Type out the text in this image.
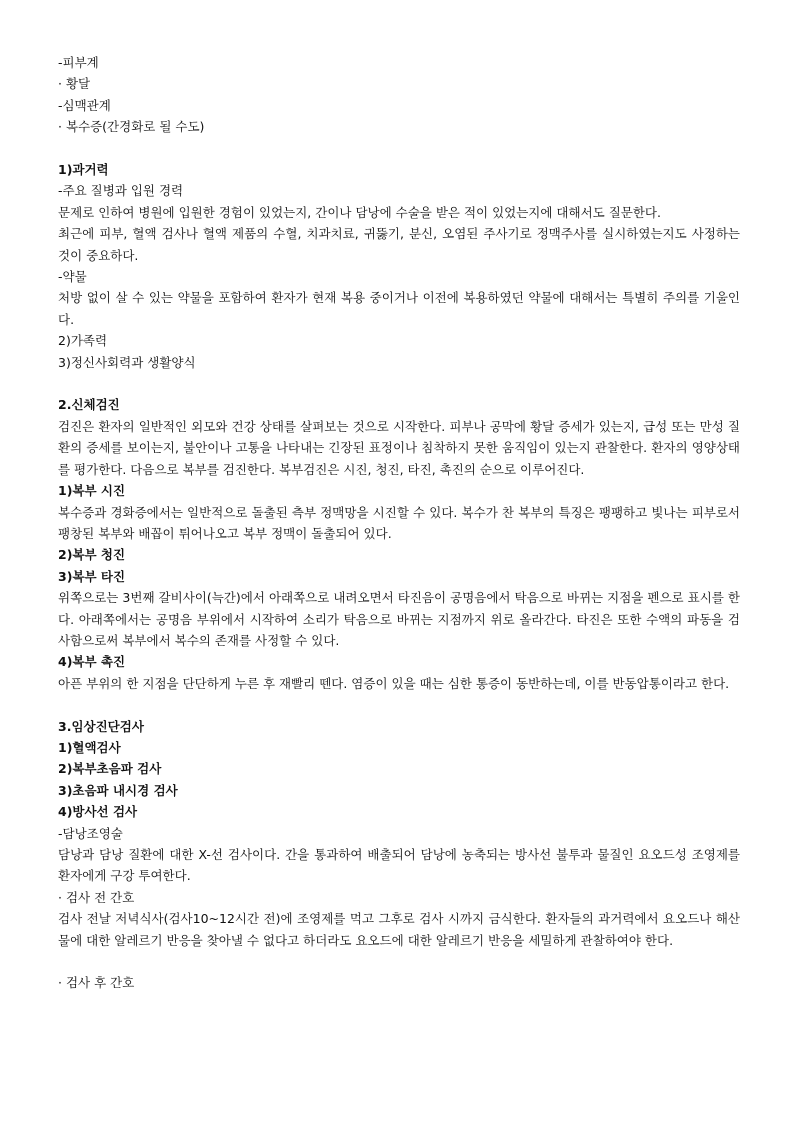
-피부계
· 황달
-심맥관계
· 복수증(간경화로 될 수도)
1)과거력
-주요 질병과 입원 경력
문제로 인하여 병원에 입원한 경험이 있었는지, 간이나 담낭에 수술을 받은 적이 있었는지에 대해서도 질문한다.
최근에 피부, 혈액 검사나 혈액 제품의 수혈, 치과치료, 귀뚫기, 분신, 오염된 주사기로 정맥주사를 실시하였는지도 사정하는 것이 중요하다.
-약물
처방 없이 살 수 있는 약물을 포함하여 환자가 현재 복용 중이거나 이전에 복용하였던 약물에 대해서는 특별히 주의를 기울인다.
2)가족력
3)정신사회력과 생활양식
2.신체검진
검진은 환자의 일반적인 외모와 건강 상태를 살펴보는 것으로 시작한다. 피부나 공막에 황달 증세가 있는지, 급성 또는 만성 질환의 증세를 보이는지, 불안이나 고통을 나타내는 긴장된 표정이나 침착하지 못한 움직임이 있는지 관찰한다. 환자의 영양상태를 평가한다. 다음으로 복부를 검진한다. 복부검진은 시진, 청진, 타진, 촉진의 순으로 이루어진다.
1)복부 시진
복수증과 경화증에서는 일반적으로 돌출된 측부 정맥망을 시진할 수 있다. 복수가 찬 복부의 특징은 팽팽하고 빛나는 피부로서 팽창된 복부와 배꼽이 튀어나오고 복부 정맥이 돌출되어 있다.
2)복부 청진
3)복부 타진
위쪽으로는 3번째 갈비사이(늑간)에서 아래쪽으로 내려오면서 타진음이 공명음에서 탁음으로 바뀌는 지점을 펜으로 표시를 한다. 아래쪽에서는 공명음 부위에서 시작하여 소리가 탁음으로 바뀌는 지점까지 위로 올라간다. 타진은 또한 수액의 파동을 검사함으로써 복부에서 복수의 존재를 사정할 수 있다.
4)복부 촉진
아픈 부위의 한 지점을 단단하게 누른 후 재빨리 뗀다. 염증이 있을 때는 심한 통증이 동반하는데, 이를 반동압통이라고 한다.
3.임상진단검사
1)혈액검사
2)복부초음파 검사
3)초음파 내시경 검사
4)방사선 검사
-담낭조영술
담낭과 담낭 질환에 대한 X-선 검사이다. 간을 통과하여 배출되어 담낭에 농축되는 방사선 불투과 물질인 요오드성 조영제를 환자에게 구강 투여한다.
· 검사 전 간호
검사 전날 저녁식사(검사10~12시간 전)에 조영제를 먹고 그후로 검사 시까지 금식한다. 환자들의 과거력에서 요오드나 해산물에 대한 알레르기 반응을 찾아낼 수 없다고 하더라도 요오드에 대한 알레르기 반응을 세밀하게 관찰하여야 한다.
· 검사 후 간호
